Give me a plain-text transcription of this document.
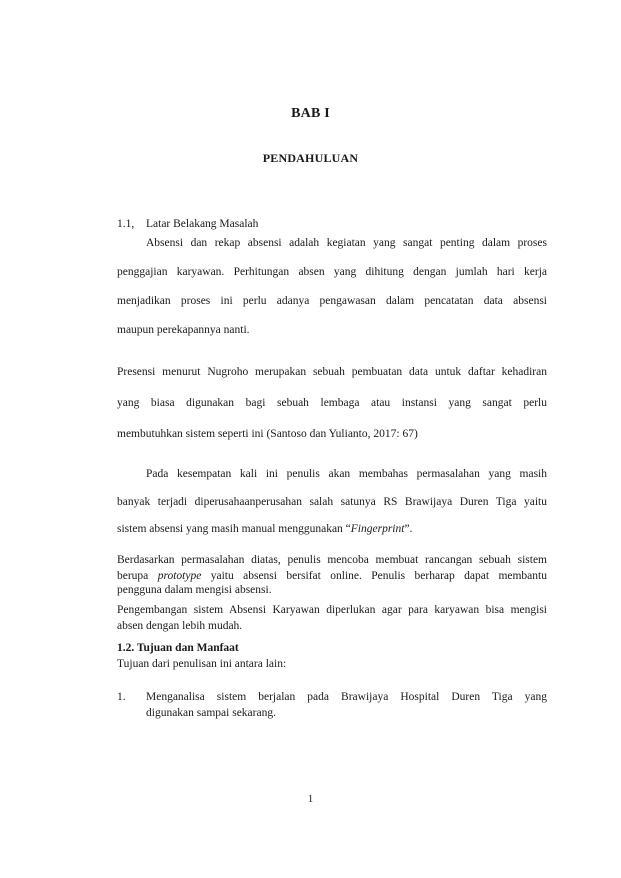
BAB I
PENDAHULUAN
1.1, Latar Belakang Masalah
Absensi dan rekap absensi adalah kegiatan yang sangat penting dalam proses
penggajian karyawan. Perhitungan absen yang dihitung dengan jumlah hari kerja
menjadikan proses ini perlu adanya pengawasan dalam pencatatan data absensi
maupun perekapannya nanti.
Presensi menurut Nugroho merupakan sebuah pembuatan data untuk daftar kehadiran
yang biasa digunakan bagi sebuah lembaga atau instansi yang sangat perlu
membutuhkan sistem seperti ini (Santoso dan Yulianto, 2017: 67)
Pada kesempatan kali ini penulis akan membahas permasalahan yang masih
banyak terjadi diperusahaanperusahan salah satunya RS Brawijaya Duren Tiga yaitu
sistem absensi yang masih manual menggunakan “Fingerprint”.
Berdasarkan permasalahan diatas, penulis mencoba membuat rancangan sebuah sistem
berupa prototype yaitu absensi bersifat online. Penulis berharap dapat membantu
pengguna dalam mengisi absensi.
Pengembangan sistem Absensi Karyawan diperlukan agar para karyawan bisa mengisi
absen dengan lebih mudah.
1.2. Tujuan dan Manfaat
Tujuan dari penulisan ini antara lain:
1. Menganalisa sistem berjalan pada Brawijaya Hospital Duren Tiga yang
digunakan sampai sekarang.
1
